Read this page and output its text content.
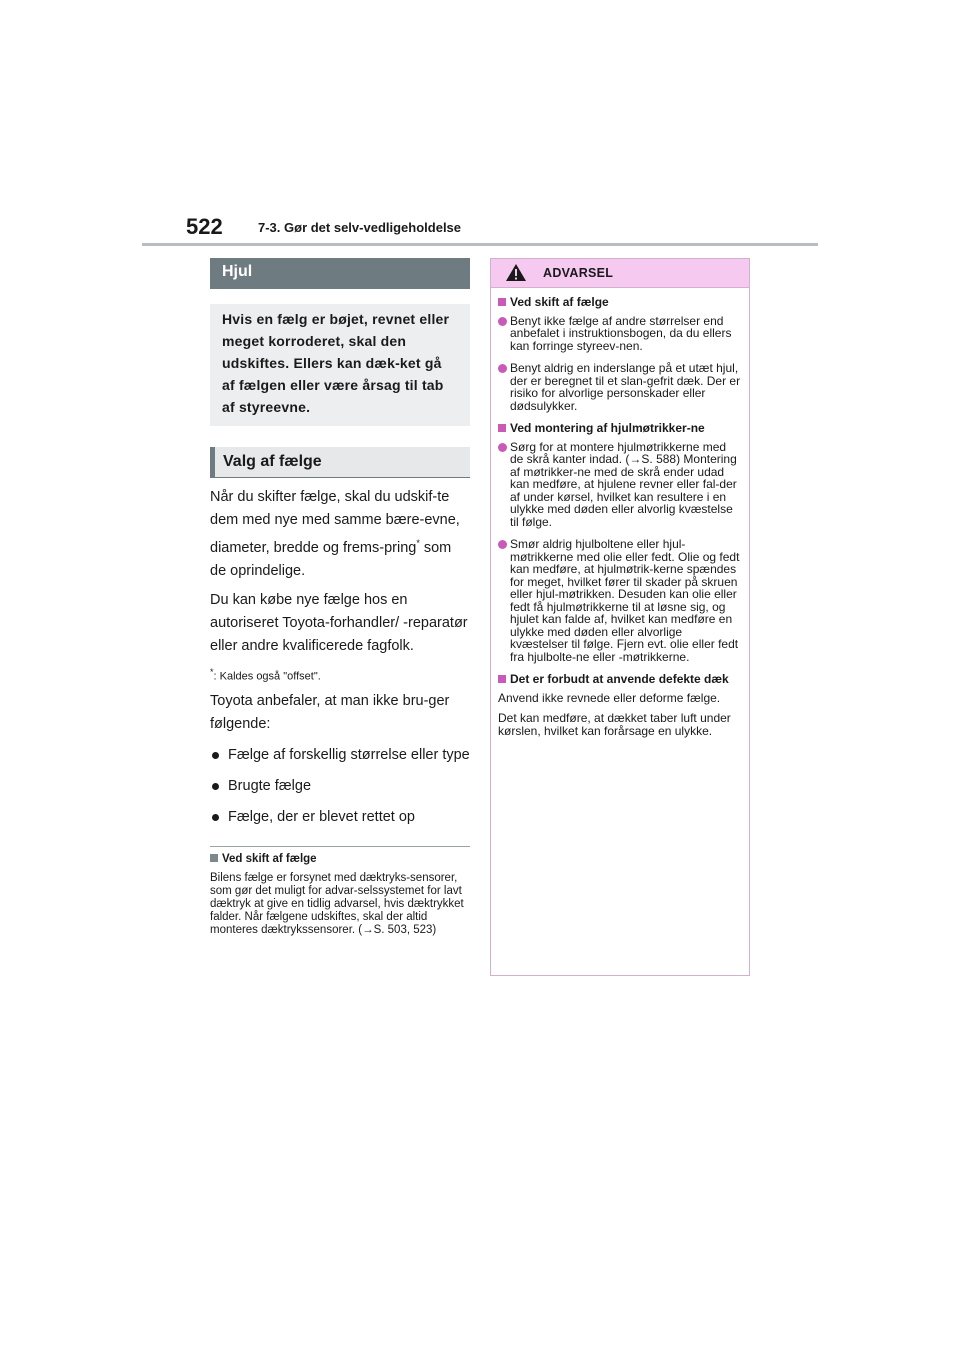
522	7-3. Gør det selv-vedligeholdelse
Hjul
Hvis en fælg er bøjet, revnet eller meget korroderet, skal den udskiftes. Ellers kan dæk-ket gå af fælgen eller være årsag til tab af styreevne.
Valg af fælge

Når du skifter fælge, skal du udskif-te dem med nye med samme bære-evne, diameter, bredde og frems-pring* som de oprindelige.

Du kan købe nye fælge hos en autoriseret Toyota-forhandler/ -reparatør eller andre kvalificerede fagfolk.

*: Kaldes også "offset".

Toyota anbefaler, at man ikke bru-ger følgende:

Fælge af forskellig størrelse eller type
Brugte fælge
Fælge, der er blevet rettet op
Ved skift af fælge
Bilens fælge er forsynet med dæktryks-sensorer, som gør det muligt for advar-selssystemet for lavt dæktryk at give en tidlig advarsel, hvis dæktrykket falder. Når fælgene udskiftes, skal der altid monteres dæktrykssensorer. (→S. 503, 523)
ADVARSEL
Ved skift af fælge
Benyt ikke fælge af andre størrelser end anbefalet i instruktionsbogen, da du ellers kan forringe styreev-nen.
Benyt aldrig en inderslange på et utæt hjul, der er beregnet til et slan-gefrit dæk. Der er risiko for alvorlige personskader eller dødsulykker.
Ved montering af hjulmøtrikker-ne
Sørg for at montere hjulmøtrikkerne med de skrå kanter indad. (→S. 588) Montering af møtrikker-ne med de skrå ender udad kan medføre, at hjulene revner eller fal-der af under kørsel, hvilket kan resultere i en ulykke med døden eller alvorlig kvæstelse til følge.
Smør aldrig hjulboltene eller hjul-møtrikkerne med olie eller fedt. Olie og fedt kan medføre, at hjulmøtrik-kerne spændes for meget, hvilket fører til skader på skruen eller hjul-møtrikken. Desuden kan olie eller fedt få hjulmøtrikkerne til at løsne sig, og hjulet kan falde af, hvilket kan medføre en ulykke med døden eller alvorlige kvæstelser til følge. Fjern evt. olie eller fedt fra hjulbolte-ne eller -møtrikkerne.
Det er forbudt at anvende defekte dæk
Anvend ikke revnede eller deforme fælge.
Det kan medføre, at dækket taber luft under kørslen, hvilket kan forårsage en ulykke.
